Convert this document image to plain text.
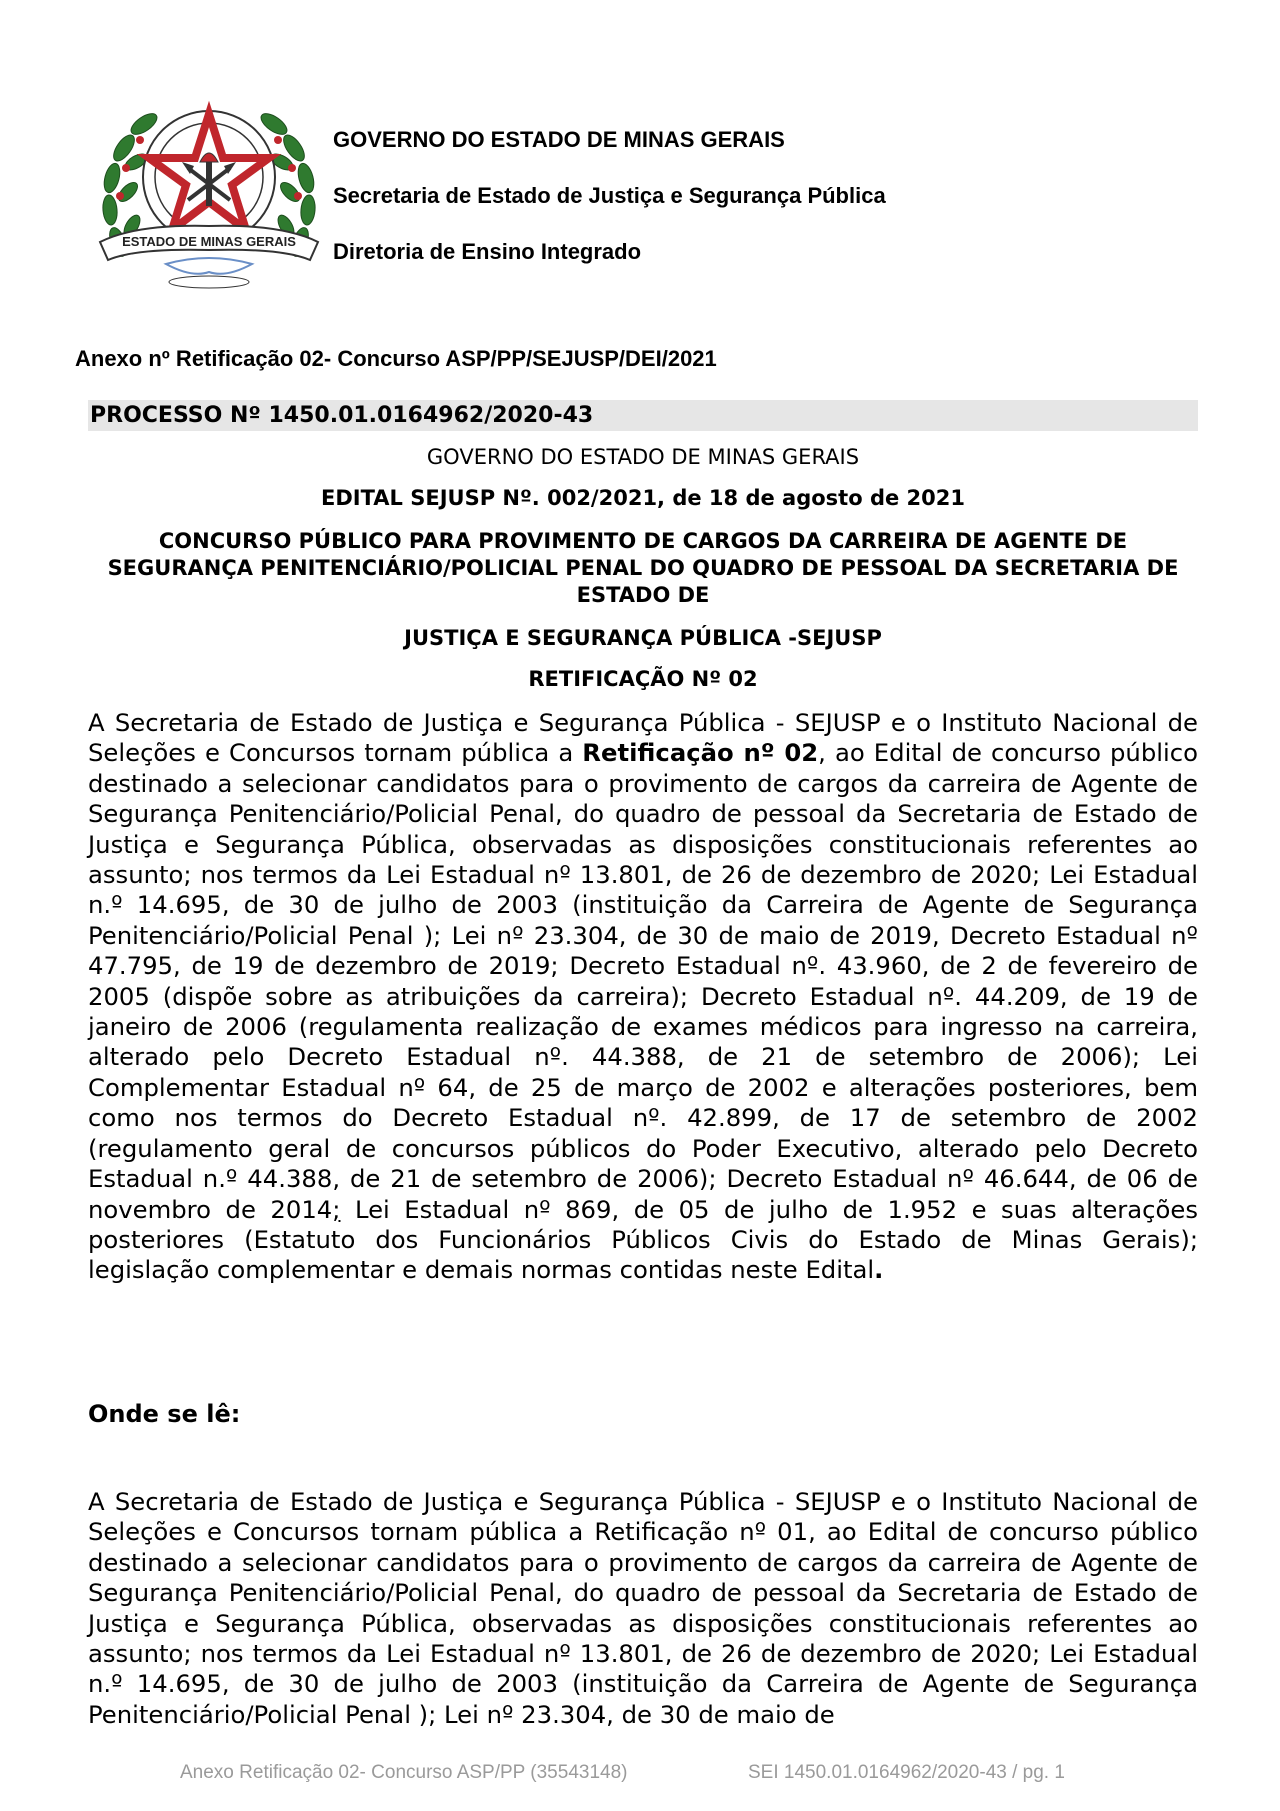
ESTADO DE MINAS GERAIS
GOVERNO DO ESTADO DE MINAS GERAIS
Secretaria de Estado de Justiça e Segurança Pública
Diretoria de Ensino Integrado
Anexo nº Retificação 02- Concurso ASP/PP/SEJUSP/DEI/2021
PROCESSO Nº 1450.01.0164962/2020-43
GOVERNO DO ESTADO DE MINAS GERAIS
EDITAL SEJUSP Nº. 002/2021, de 18 de agosto de 2021
CONCURSO PÚBLICO PARA PROVIMENTO DE CARGOS DA CARREIRA DE AGENTE DE SEGURANÇA PENITENCIÁRIO/POLICIAL PENAL DO QUADRO DE PESSOAL DA SECRETARIA DE ESTADO DE
JUSTIÇA E SEGURANÇA PÚBLICA -SEJUSP
RETIFICAÇÃO Nº 02
A Secretaria de Estado de Justiça e Segurança Pública - SEJUSP e o Instituto Nacional de Seleções e Concursos tornam pública a Retificação nº 02, ao Edital de concurso público destinado a selecionar candidatos para o provimento de cargos da carreira de Agente de Segurança Penitenciário/Policial Penal, do quadro de pessoal da Secretaria de Estado de Justiça e Segurança Pública, observadas as disposições constitucionais referentes ao assunto; nos termos da Lei Estadual nº 13.801, de 26 de dezembro de 2020; Lei Estadual n.º 14.695, de 30 de julho de 2003 (instituição da Carreira de Agente de Segurança Penitenciário/Policial Penal ); Lei nº 23.304, de 30 de maio de 2019, Decreto Estadual nº 47.795, de 19 de dezembro de 2019; Decreto Estadual nº. 43.960, de 2 de fevereiro de 2005 (dispõe sobre as atribuições da carreira); Decreto Estadual nº. 44.209, de 19 de janeiro de 2006 (regulamenta realização de exames médicos para ingresso na carreira, alterado pelo Decreto Estadual nº. 44.388, de 21 de setembro de 2006); Lei Complementar Estadual nº 64, de 25 de março de 2002 e alterações posteriores, bem como nos termos do Decreto Estadual nº. 42.899, de 17 de setembro de 2002 (regulamento geral de concursos públicos do Poder Executivo, alterado pelo Decreto Estadual n.º 44.388, de 21 de setembro de 2006); Decreto Estadual nº 46.644, de 06 de novembro de 2014; Lei Estadual nº 869, de 05 de julho de 1.952 e suas alterações posteriores (Estatuto dos Funcionários Públicos Civis do Estado de Minas Gerais); legislação complementar e demais normas contidas neste Edital.
Onde se lê:
A Secretaria de Estado de Justiça e Segurança Pública - SEJUSP e o Instituto Nacional de Seleções e Concursos tornam pública a Retificação nº 01, ao Edital de concurso público destinado a selecionar candidatos para o provimento de cargos da carreira de Agente de Segurança Penitenciário/Policial Penal, do quadro de pessoal da Secretaria de Estado de Justiça e Segurança Pública, observadas as disposições constitucionais referentes ao assunto; nos termos da Lei Estadual nº 13.801, de 26 de dezembro de 2020; Lei Estadual n.º 14.695, de 30 de julho de 2003 (instituição da Carreira de Agente de Segurança Penitenciário/Policial Penal ); Lei nº 23.304, de 30 de maio de
Anexo Retificação 02- Concurso ASP/PP (35543148)	SEI 1450.01.0164962/2020-43 / pg. 1
